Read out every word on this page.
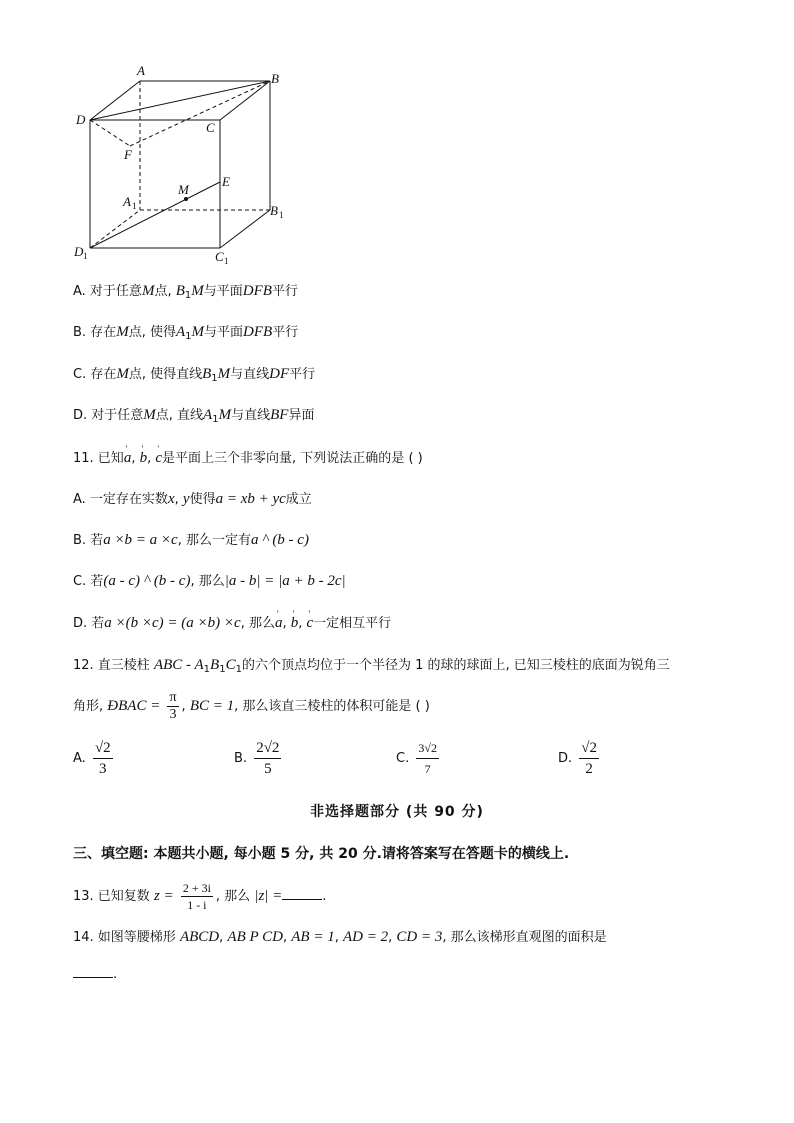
A
B
C
D
F
M
E
A 1	B 1
C 1
D 1
A. 对于任意M点, $B_1M$与平面DFB平行
B. 存在M点, 使得$A_1M$与平面DFB平行
C. 存在M点, 使得直线$B_1M$与直线DF平行
D. 对于任意M点, 直线$A_1M$与直线BF异面
11. 已知' a, ' b, ' c是平面上三个非零向量, 下列说法正确的是 ( )
A. 一定存在实数x, y使得a = xb + yc成立
B. 若a ×b = a ×c, 那么一定有a ^ (b - c)
C. 若(a - c) ^ (b - c), 那么|a - b| = |a + b - 2c|
D. 若a ×(b ×c) = (a ×b) ×c, 那么' a, ' b, ' c一定相互平行
12. 直三棱柱 ABC - $A_1B_1C_1$的六个顶点均位于一个半径为 1 的球的球面上, 已知三棱柱的底面为锐角三
角形, ÐBAC = $\frac{\pi}{3}$ , BC = 1, 那么该直三棱柱的体积可能是 ( )
A. $\frac{√2}{3}$	B. $\frac{2√2}{5}$	C. $\frac{3√2}{7}$	D. $\frac{√2}{2}$
非选择题部分 (共 90 分)
三、填空题: 本题共小题, 每小题 5 分, 共 20 分.请将答案写在答题卡的横线上.
13. 已知复数 $z = \frac{2 + 3i}{1 - i}$ , 那么 |z| =	.
14. 如图等腰梯形 ABCD, AB P CD, AB = 1, AD = 2, CD = 3, 那么该梯形直观图的面积是
.
